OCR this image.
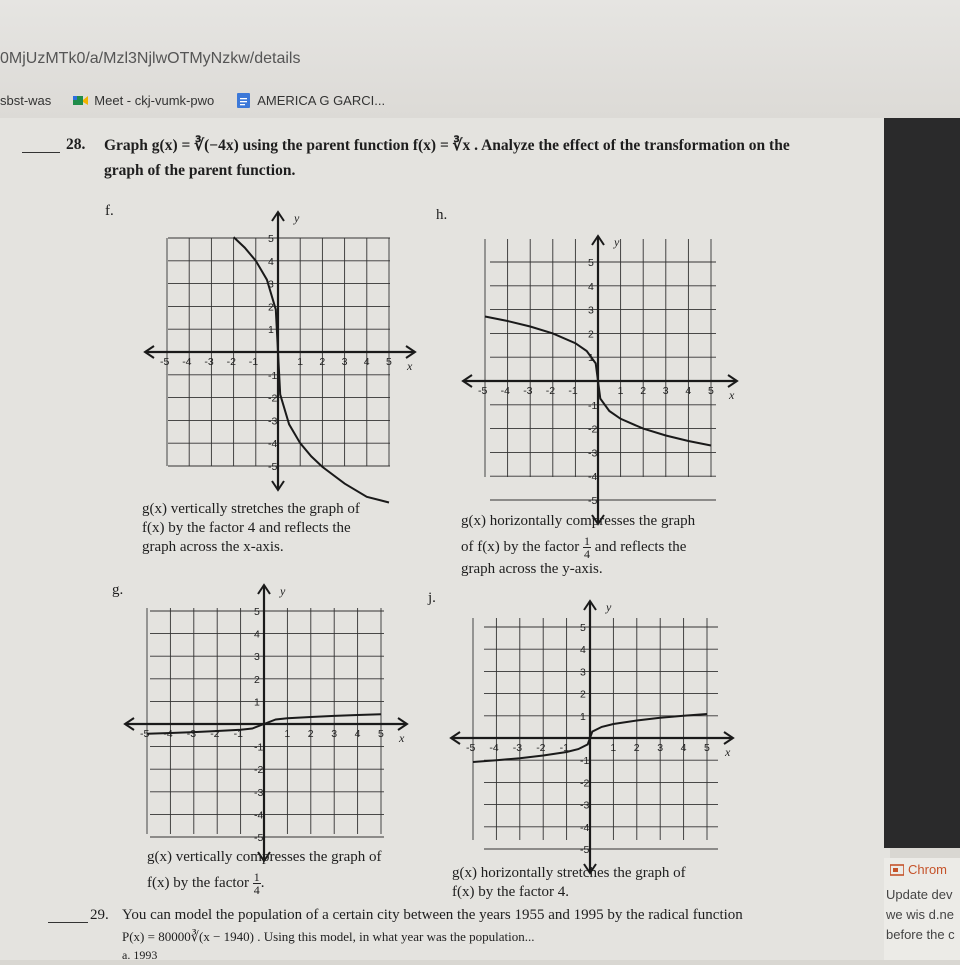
0MjUzMTk0/a/Mzl3NjlwOTMyNzkw/details
sbst-was	Meet - ckj-vumk-pwo	AMERICA G GARCI...
28. Graph g(x) = ∛(−4x) using the parent function f(x) = ∛x . Analyze the effect of the transformation on the
graph of the parent function.
f.	h.
g.	j.
x
y
-5 -4 -3 -2 -1	1 2 3 4 5
5
4
3
2
1
-1
-2
-3
-4
-5
x
y
-5 -4 -3 -2 -1	1 2 3 4 5
5
4
3
2
1
-1
-2
-3
-4
-5
x
y
-5 -4 -3 -2 -1	1 2 3 4 5
5
4
3
2
1
-1
-2
-3
-4
-5
x
y
-5 -4 -3 -2 -1	1 2 3 4 5
5
4
3
2
1
-1
-2
-3
-4
-5
g(x) vertically stretches the graph of
f(x) by the factor 4 and reflects the
graph across the x-axis.
g(x) horizontally compresses the graph
of f(x) by the factor $\frac{1}{4}$ and reflects the
graph across the y-axis.
g(x) vertically compresses the graph of
f(x) by the factor $\frac{1}{4}$.
g(x) horizontally stretches the graph of
f(x) by the factor 4.
29. You can model the population of a certain city between the years 1955 and 1995 by the radical function
P(x) = 80000∛(x − 1940) . Using this model, in what year was the population...
a. 1993
Chrom
Update dev
we wis d.ne
before the c
